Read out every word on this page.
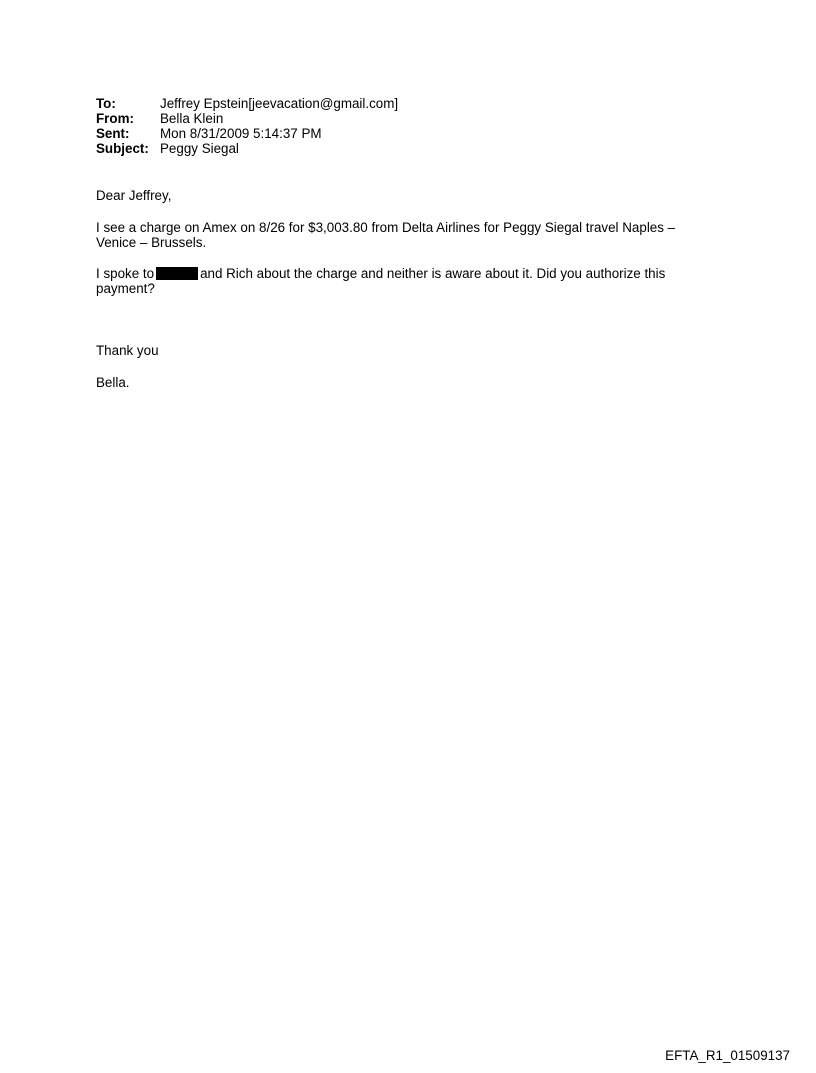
To:	Jeffrey Epstein[jeevacation@gmail.com]
From:	Bella Klein
Sent:	Mon 8/31/2009 5:14:37 PM
Subject: Peggy Siegal

Dear Jeffrey,

I see a charge on Amex on 8/26 for $3,003.80 from Delta Airlines for Peggy Siegal travel Naples – Venice – Brussels.

I spoke to	and Rich about the charge and neither is aware about it. Did you authorize this payment?

Thank you

Bella.

EFTA_R1_01509137
